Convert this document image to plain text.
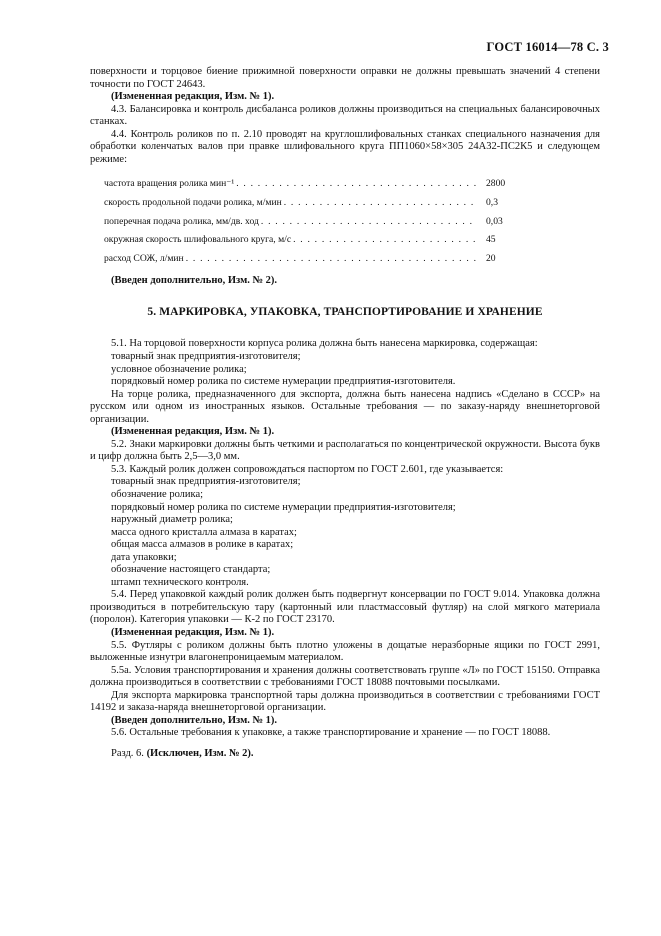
ГОСТ 16014—78 С. 3

поверхности и торцовое биение прижимной поверхности оправки не должны превышать значений 4 степени точности по ГОСТ 24643.

(Измененная редакция, Изм. № 1).

4.3. Балансировка и контроль дисбаланса роликов должны производиться на специальных балансировочных станках.

4.4. Контроль роликов по п. 2.10 проводят на круглошлифовальных станках специального назначения для обработки коленчатых валов при правке шлифовального круга ПП1060×58×305 24А32-ПС2К5 и следующем режиме:

частота вращения ролика мин⁻¹ . . .	2800
скорость продольной подачи ролика, м/мин . . .	0,3
поперечная подача ролика, мм/дв. ход . . .	0,03
окружная скорость шлифовального круга, м/с . . .	45
расход СОЖ, л/мин . . .	20

(Введен дополнительно, Изм. № 2).

5. МАРКИРОВКА, УПАКОВКА, ТРАНСПОРТИРОВАНИЕ И ХРАНЕНИЕ

5.1. На торцовой поверхности корпуса ролика должна быть нанесена маркировка, содержащая:

товарный знак предприятия-изготовителя;

условное обозначение ролика;

порядковый номер ролика по системе нумерации предприятия-изготовителя.

На торце ролика, предназначенного для экспорта, должна быть нанесена надпись «Сделано в СССР» на русском или одном из иностранных языков. Остальные требования — по заказу-наряду внешнеторговой организации.

(Измененная редакция, Изм. № 1).

5.2. Знаки маркировки должны быть четкими и располагаться по концентрической окружности. Высота букв и цифр должна быть 2,5—3,0 мм.

5.3. Каждый ролик должен сопровождаться паспортом по ГОСТ 2.601, где указывается:

товарный знак предприятия-изготовителя;

обозначение ролика;

порядковый номер ролика по системе нумерации предприятия-изготовителя;

наружный диаметр ролика;

масса одного кристалла алмаза в каратах;

общая масса алмазов в ролике в каратах;

дата упаковки;

обозначение настоящего стандарта;

штамп технического контроля.

5.4. Перед упаковкой каждый ролик должен быть подвергнут консервации по ГОСТ 9.014. Упаковка должна производиться в потребительскую тару (картонный или пластмассовый футляр) на слой мягкого материала (поролон). Категория упаковки — К-2 по ГОСТ 23170.

(Измененная редакция, Изм. № 1).

5.5. Футляры с роликом должны быть плотно уложены в дощатые неразборные ящики по ГОСТ 2991, выложенные изнутри влагонепроницаемым материалом.

5.5а. Условия транспортирования и хранения должны соответствовать группе «Л» по ГОСТ 15150. Отправка должна производиться в соответствии с требованиями ГОСТ 18088 почтовыми посылками.

Для экспорта маркировка транспортной тары должна производиться в соответствии с требованиями ГОСТ 14192 и заказа-наряда внешнеторговой организации.

(Введен дополнительно, Изм. № 1).

5.6. Остальные требования к упаковке, а также транспортирование и хранение — по ГОСТ 18088.

Разд. 6. (Исключен, Изм. № 2).
